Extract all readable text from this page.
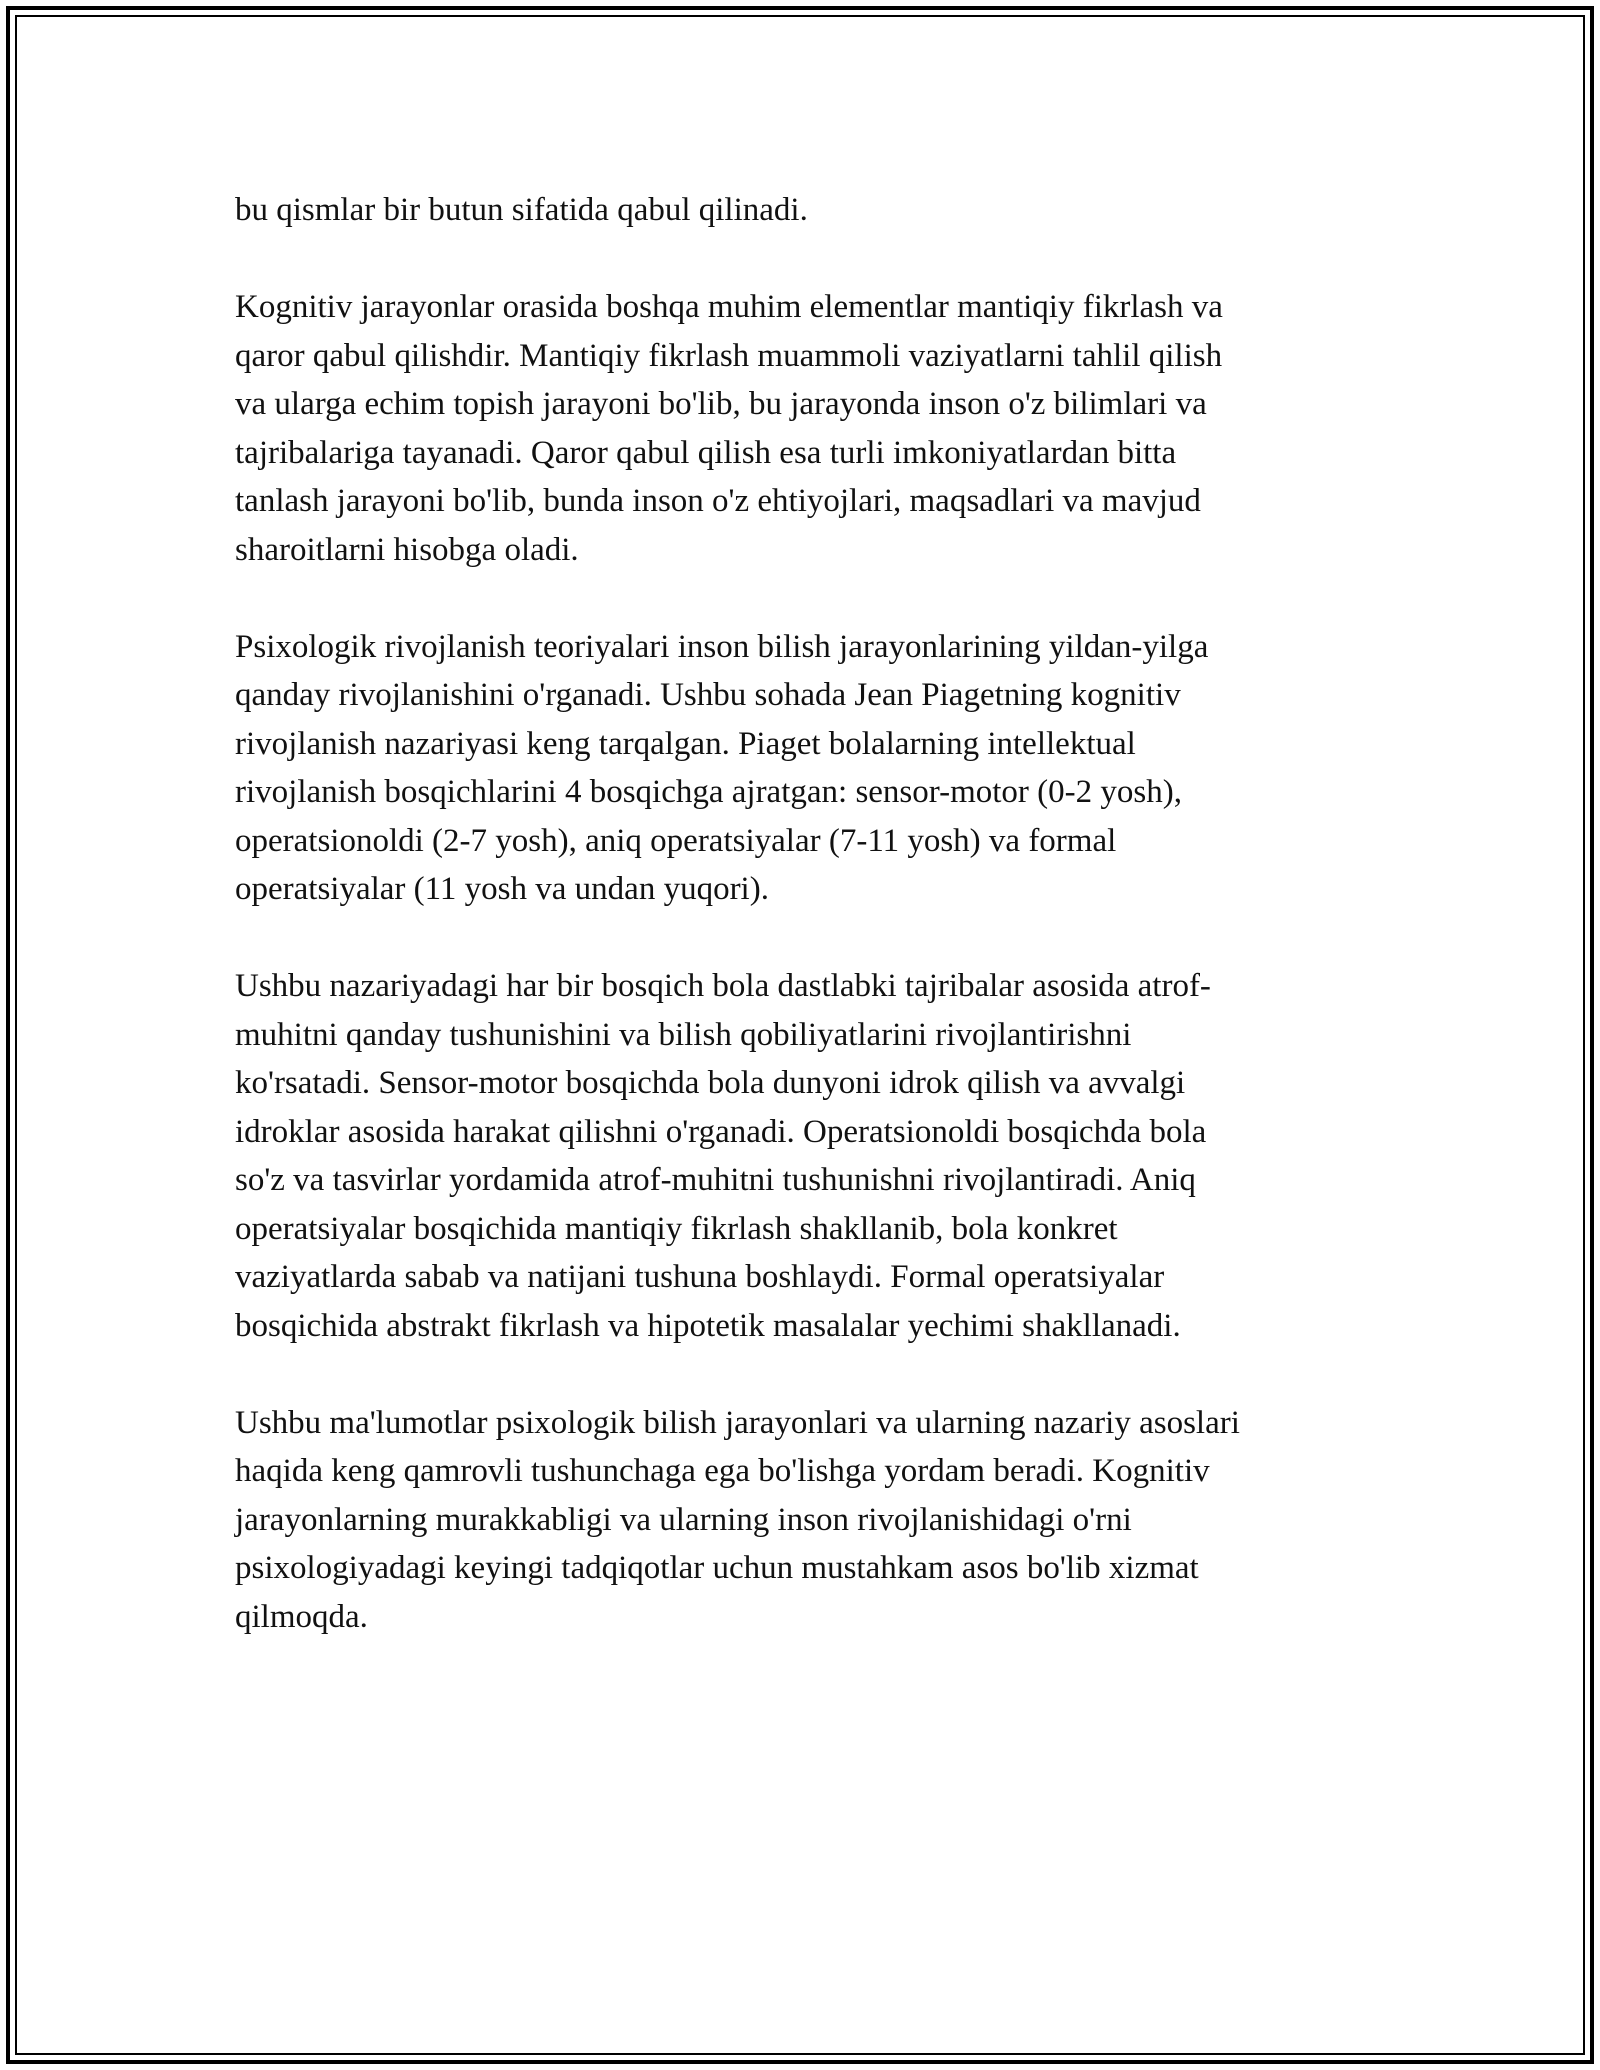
bu qismlar bir butun sifatida qabul qilinadi.

Kognitiv jarayonlar orasida boshqa muhim elementlar mantiqiy fikrlash va
qaror qabul qilishdir. Mantiqiy fikrlash muammoli vaziyatlarni tahlil qilish
va ularga echim topish jarayoni bo'lib, bu jarayonda inson o'z bilimlari va
tajribalariga tayanadi. Qaror qabul qilish esa turli imkoniyatlardan bitta
tanlash jarayoni bo'lib, bunda inson o'z ehtiyojlari, maqsadlari va mavjud
sharoitlarni hisobga oladi.

Psixologik rivojlanish teoriyalari inson bilish jarayonlarining yildan-yilga
qanday rivojlanishini o'rganadi. Ushbu sohada Jean Piagetning kognitiv
rivojlanish nazariyasi keng tarqalgan. Piaget bolalarning intellektual
rivojlanish bosqichlarini 4 bosqichga ajratgan: sensor-motor (0-2 yosh),
operatsionoldi (2-7 yosh), aniq operatsiyalar (7-11 yosh) va formal
operatsiyalar (11 yosh va undan yuqori).

Ushbu nazariyadagi har bir bosqich bola dastlabki tajribalar asosida atrof-
muhitni qanday tushunishini va bilish qobiliyatlarini rivojlantirishni
ko'rsatadi. Sensor-motor bosqichda bola dunyoni idrok qilish va avvalgi
idroklar asosida harakat qilishni o'rganadi. Operatsionoldi bosqichda bola
so'z va tasvirlar yordamida atrof-muhitni tushunishni rivojlantiradi. Aniq
operatsiyalar bosqichida mantiqiy fikrlash shakllanib, bola konkret
vaziyatlarda sabab va natijani tushuna boshlaydi. Formal operatsiyalar
bosqichida abstrakt fikrlash va hipotetik masalalar yechimi shakllanadi.

Ushbu ma'lumotlar psixologik bilish jarayonlari va ularning nazariy asoslari
haqida keng qamrovli tushunchaga ega bo'lishga yordam beradi. Kognitiv
jarayonlarning murakkabligi va ularning inson rivojlanishidagi o'rni
psixologiyadagi keyingi tadqiqotlar uchun mustahkam asos bo'lib xizmat
qilmoqda.
